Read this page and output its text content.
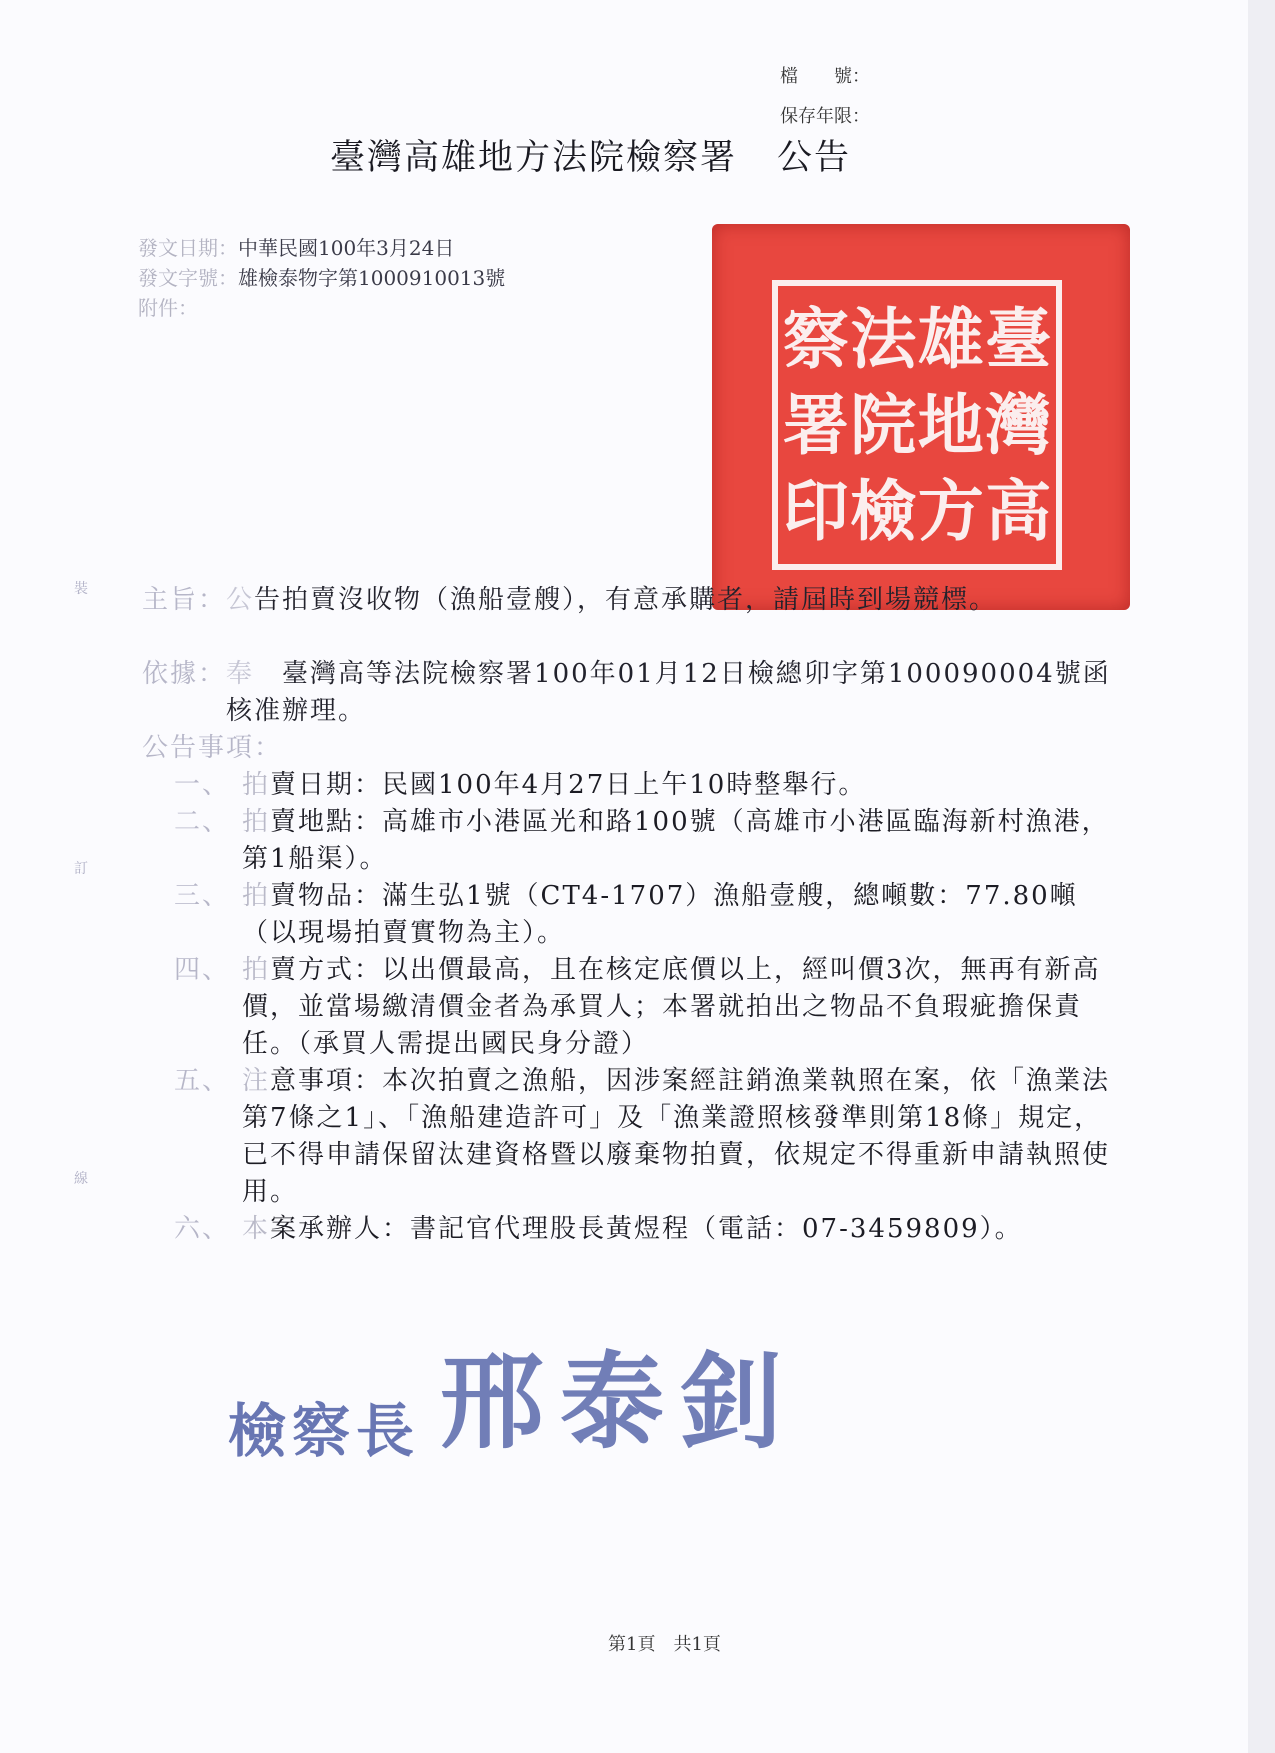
檔　　號：
保存年限：
臺灣高雄地方法院檢察署 公告
發文日期：中華民國100年3月24日
發文字號：雄檢泰物字第1000910013號
附件：	臺
灣
高
雄
地
方
法
院
檢
察
署
印
裝
訂
線
主旨： 公告拍賣沒收物（漁船壹艘），有意承購者，請屆時到場競標。
依據： 奉　臺灣高等法院檢察署100年01月12日檢總卯字第100090004號函核准辦理。
公告事項：
一、 拍賣日期：民國100年4月27日上午10時整舉行。
二、 拍賣地點：高雄市小港區光和路100號（高雄市小港區臨海新村漁港，第1船渠）。
三、 拍賣物品：滿生弘1號（CT4-1707）漁船壹艘，總噸數：77.80噸（以現場拍賣實物為主）。
四、 拍賣方式：以出價最高，且在核定底價以上，經叫價3次，無再有新高價，並當場繳清價金者為承買人；本署就拍出之物品不負瑕疵擔保責任。（承買人需提出國民身分證）
五、 注意事項：本次拍賣之漁船，因涉案經註銷漁業執照在案，依「漁業法第7條之1」、「漁船建造許可」及「漁業證照核發準則第18條」規定，已不得申請保留汰建資格暨以廢棄物拍賣，依規定不得重新申請執照使用。
六、 本案承辦人：書記官代理股長黃煜程（電話：07-3459809）。
檢察長 邢泰釗
第1頁　 共1頁
